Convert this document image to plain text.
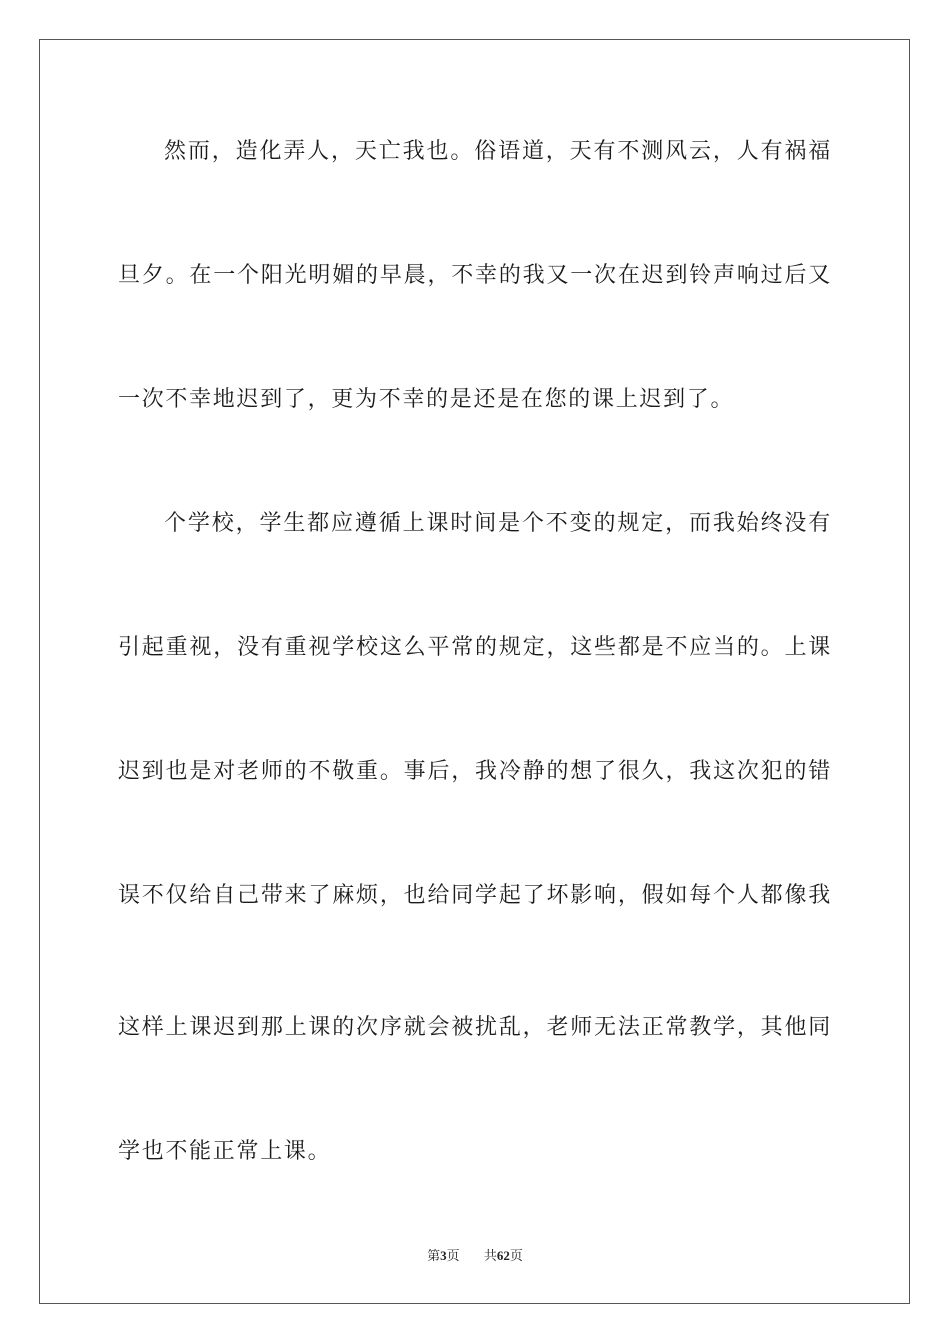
然而，造化弄人，天亡我也。俗语道，天有不测风云，人有祸福
旦夕。在一个阳光明媚的早晨，不幸的我又一次在迟到铃声响过后又
一次不幸地迟到了，更为不幸的是还是在您的课上迟到了。
个学校，学生都应遵循上课时间是个不变的规定，而我始终没有
引起重视，没有重视学校这么平常的规定，这些都是不应当的。上课
迟到也是对老师的不敬重。事后，我冷静的想了很久，我这次犯的错
误不仅给自己带来了麻烦，也给同学起了坏影响，假如每个人都像我
这样上课迟到那上课的次序就会被扰乱，老师无法正常教学，其他同
学也不能正常上课。
第3页 共62页
